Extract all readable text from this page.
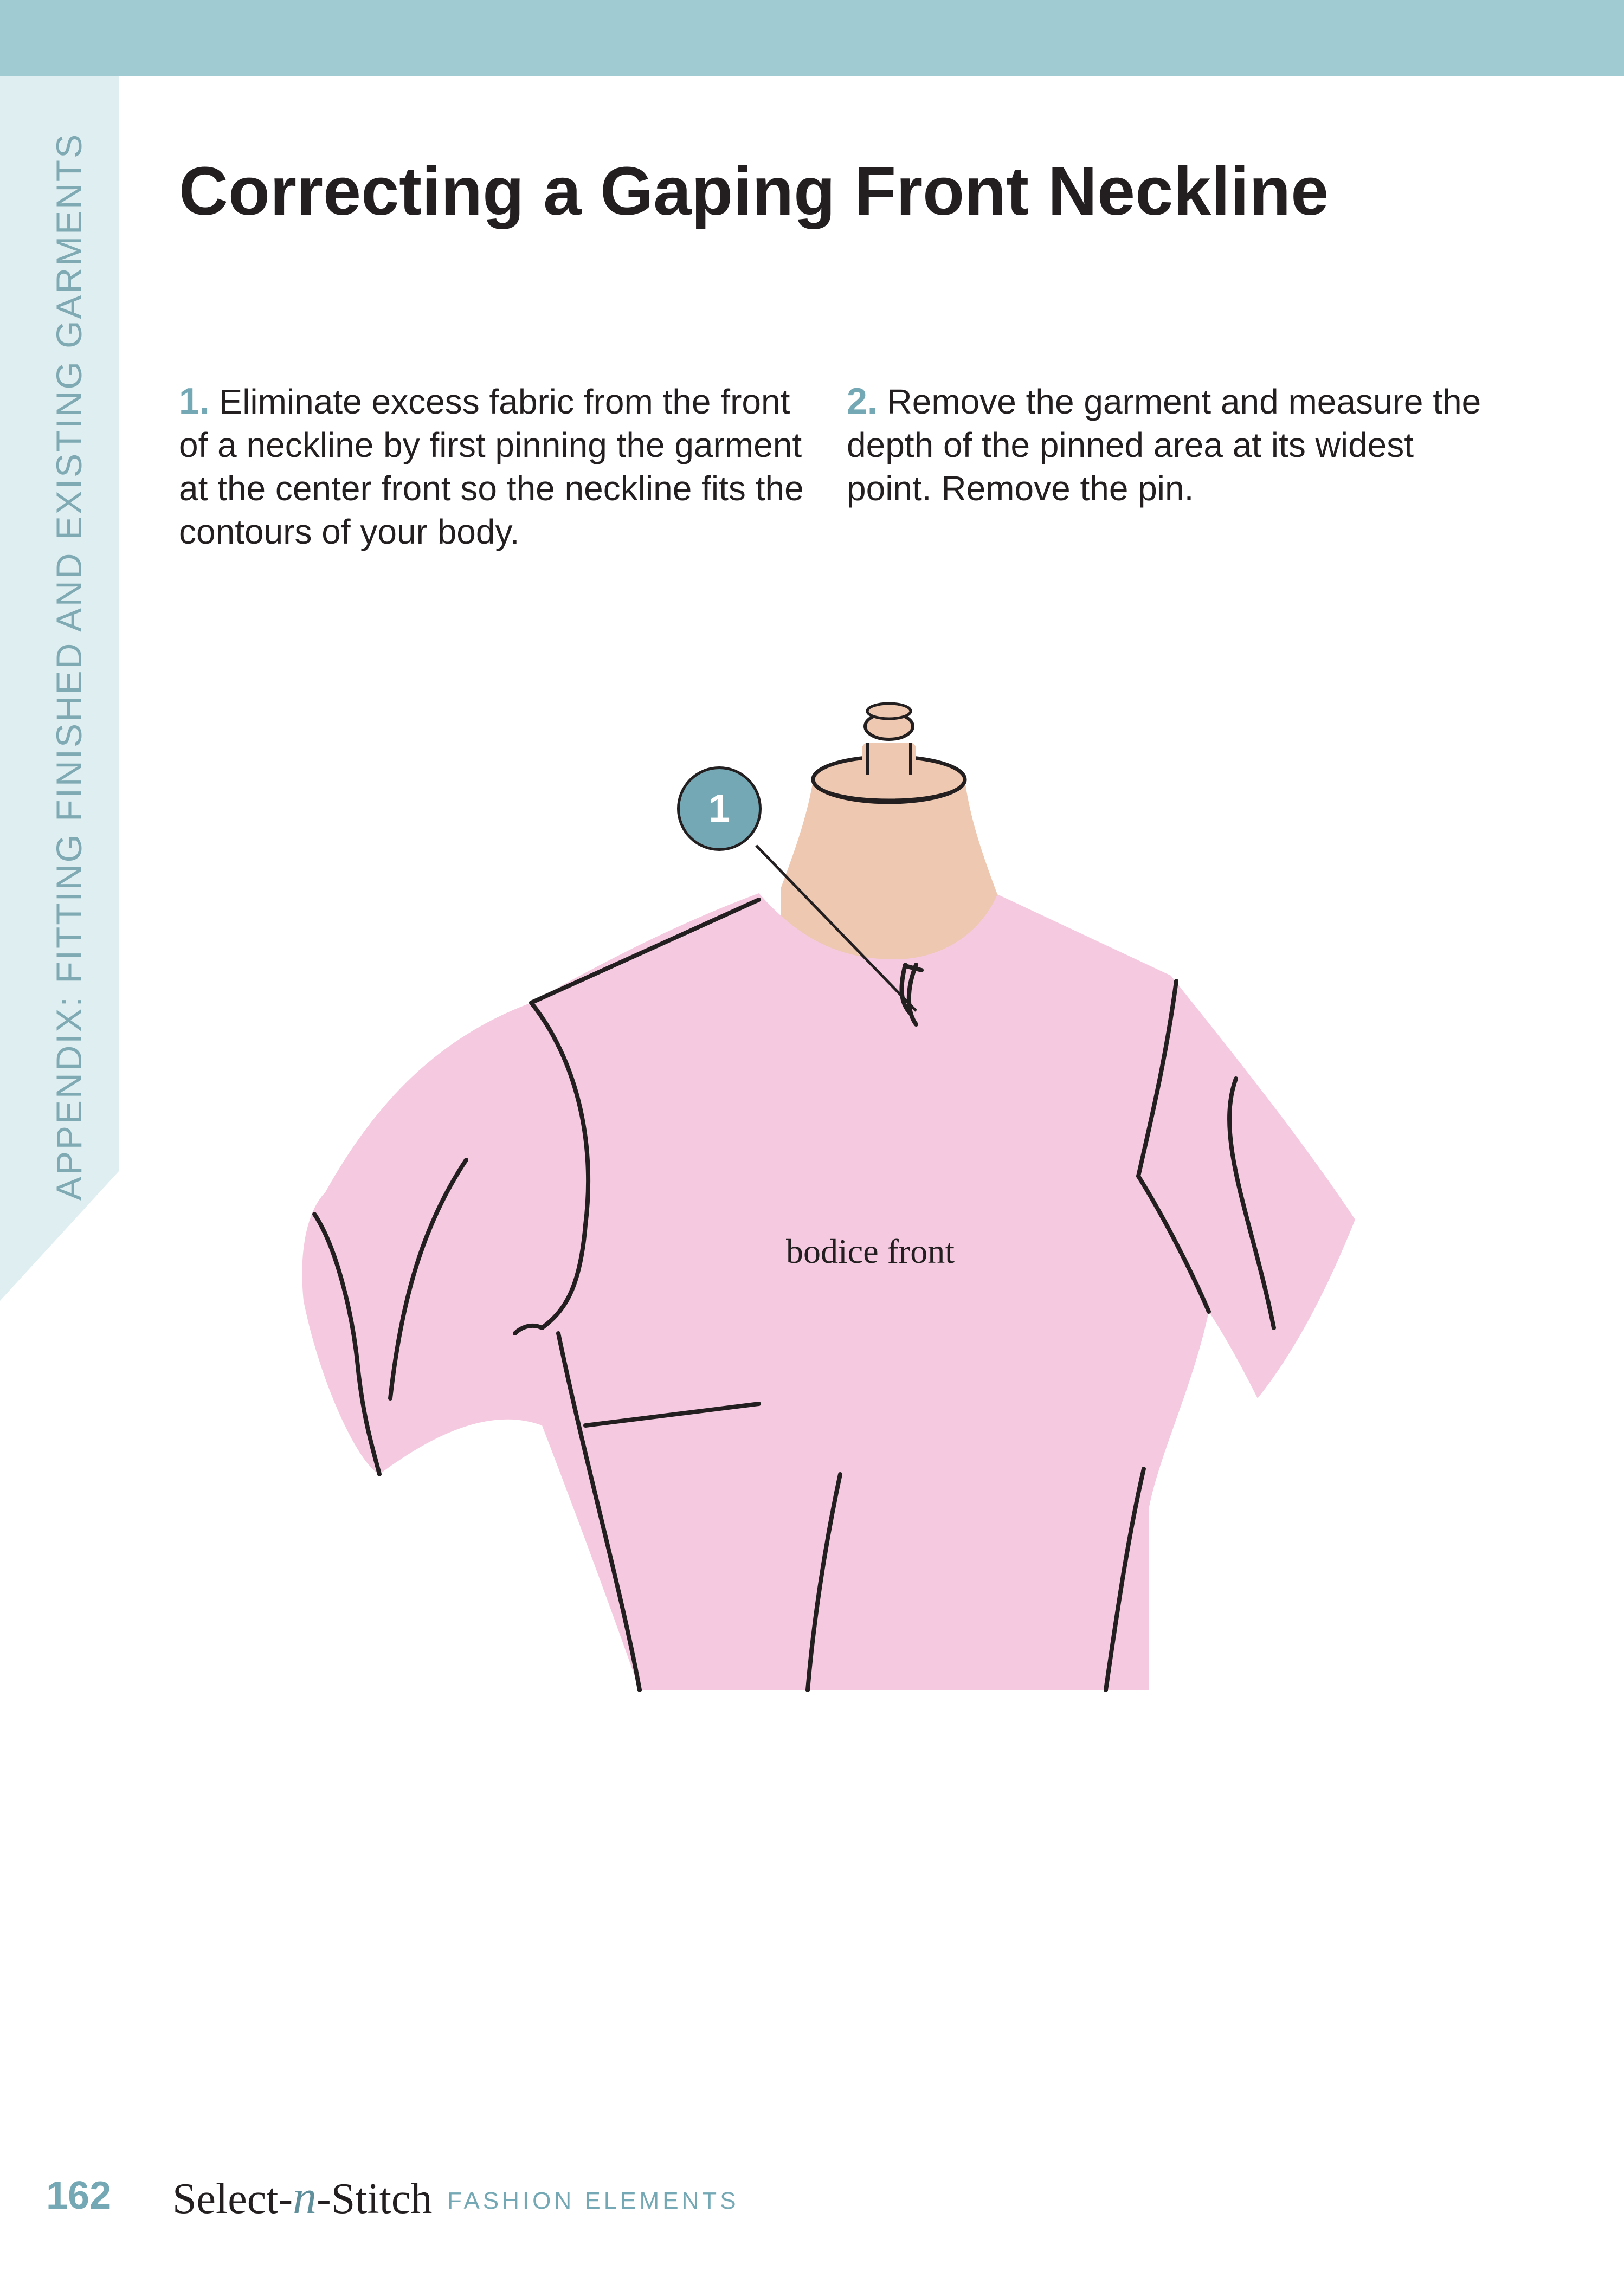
APPENDIX: FITTING FINISHED AND EXISTING GARMENTS Correcting a Gaping Front Neckline

1. Eliminate excess fabric from the front of a neckline by first pinning the garment at the center front so the neckline fits the contours of your body.

2. Remove the garment and measure the depth of the pinned area at its widest point. Remove the pin.

1
bodice front
162 Select-n-Stitch FASHION ELEMENTS
